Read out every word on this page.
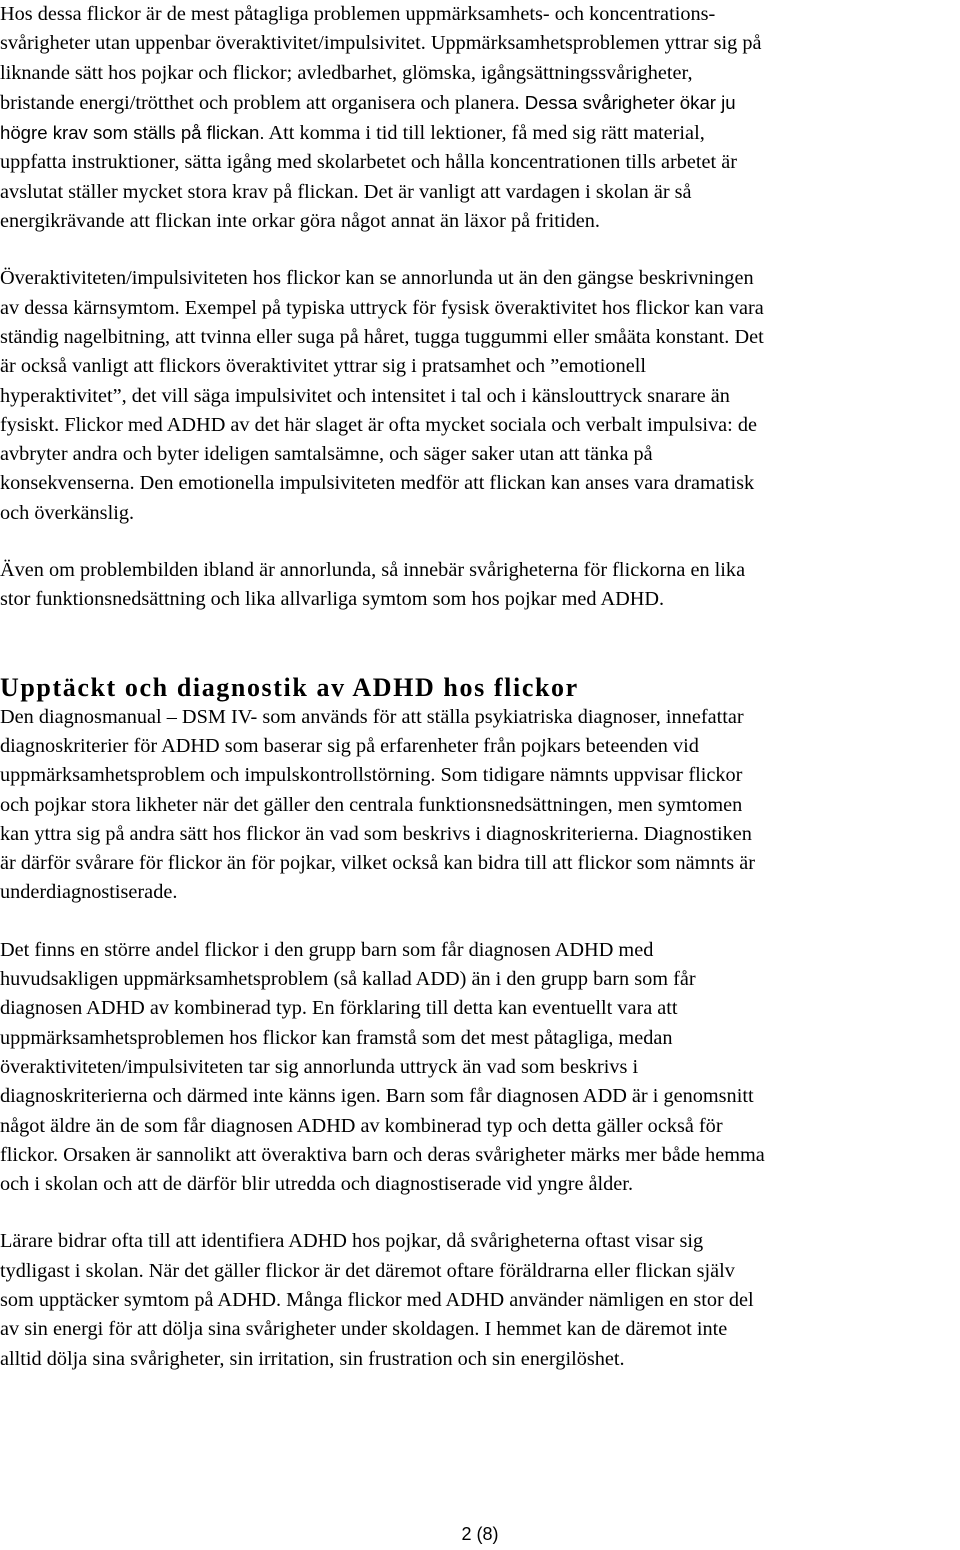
Hos dessa flickor är de mest påtagliga problemen uppmärksamhets- och koncentrations-
svårigheter utan uppenbar överaktivitet/impulsivitet. Uppmärksamhetsproblemen yttrar sig på
liknande sätt hos pojkar och flickor; avledbarhet, glömska, igångsättningssvårigheter,
bristande energi/trötthet och problem att organisera och planera. Dessa svårigheter ökar ju
högre krav som ställs på flickan. Att komma i tid till lektioner, få med sig rätt material,
uppfatta instruktioner, sätta igång med skolarbetet och hålla koncentrationen tills arbetet är
avslutat ställer mycket stora krav på flickan. Det är vanligt att vardagen i skolan är så
energikrävande att flickan inte orkar göra något annat än läxor på fritiden.

Överaktiviteten/impulsiviteten hos flickor kan se annorlunda ut än den gängse beskrivningen
av dessa kärnsymtom. Exempel på typiska uttryck för fysisk överaktivitet hos flickor kan vara
ständig nagelbitning, att tvinna eller suga på håret, tugga tuggummi eller småäta konstant. Det
är också vanligt att flickors överaktivitet yttrar sig i pratsamhet och ”emotionell
hyperaktivitet”, det vill säga impulsivitet och intensitet i tal och i känslouttryck snarare än
fysiskt. Flickor med ADHD av det här slaget är ofta mycket sociala och verbalt impulsiva: de
avbryter andra och byter ideligen samtalsämne, och säger saker utan att tänka på
konsekvenserna. Den emotionella impulsiviteten medför att flickan kan anses vara dramatisk
och överkänslig.

Även om problembilden ibland är annorlunda, så innebär svårigheterna för flickorna en lika
stor funktionsnedsättning och lika allvarliga symtom som hos pojkar med ADHD.

Upptäckt och diagnostik av ADHD hos flickor

Den diagnosmanual – DSM IV- som används för att ställa psykiatriska diagnoser, innefattar
diagnoskriterier för ADHD som baserar sig på erfarenheter från pojkars beteenden vid
uppmärksamhetsproblem och impulskontrollstörning. Som tidigare nämnts uppvisar flickor
och pojkar stora likheter när det gäller den centrala funktionsnedsättningen, men symtomen
kan yttra sig på andra sätt hos flickor än vad som beskrivs i diagnoskriterierna. Diagnostiken
är därför svårare för flickor än för pojkar, vilket också kan bidra till att flickor som nämnts är
underdiagnostiserade.

Det finns en större andel flickor i den grupp barn som får diagnosen ADHD med
huvudsakligen uppmärksamhetsproblem (så kallad ADD) än i den grupp barn som får
diagnosen ADHD av kombinerad typ. En förklaring till detta kan eventuellt vara att
uppmärksamhetsproblemen hos flickor kan framstå som det mest påtagliga, medan
överaktiviteten/impulsiviteten tar sig annorlunda uttryck än vad som beskrivs i
diagnoskriterierna och därmed inte känns igen. Barn som får diagnosen ADD är i genomsnitt
något äldre än de som får diagnosen ADHD av kombinerad typ och detta gäller också för
flickor. Orsaken är sannolikt att överaktiva barn och deras svårigheter märks mer både hemma
och i skolan och att de därför blir utredda och diagnostiserade vid yngre ålder.

Lärare bidrar ofta till att identifiera ADHD hos pojkar, då svårigheterna oftast visar sig
tydligast i skolan. När det gäller flickor är det däremot oftare föräldrarna eller flickan själv
som upptäcker symtom på ADHD. Många flickor med ADHD använder nämligen en stor del
av sin energi för att dölja sina svårigheter under skoldagen. I hemmet kan de däremot inte
alltid dölja sina svårigheter, sin irritation, sin frustration och sin energilöshet.

2 (8)
